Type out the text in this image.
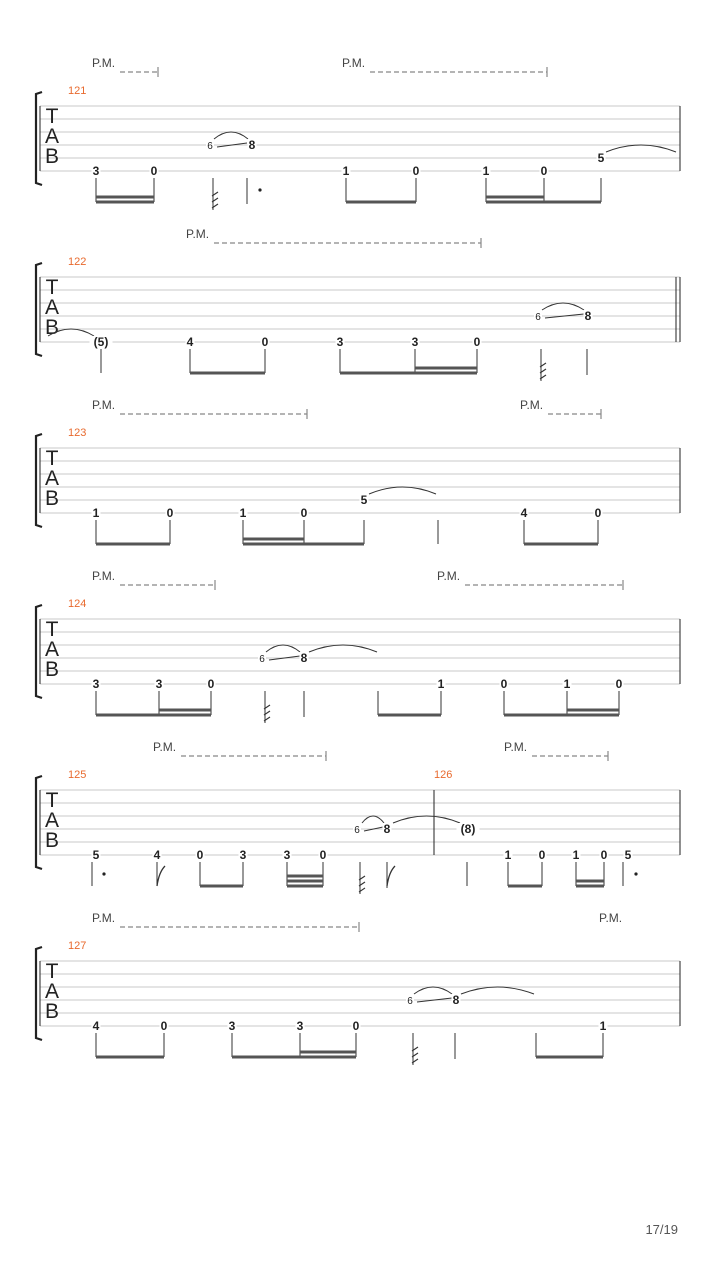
T
A
B
121
P.M.	P.M.
3	0
6	8
1	0	1	0
5
T
A
B
122
P.M.
(5)	4	0	3	3	0
6	8
T
A
B
123
P.M.	P.M.
1	0	1	0
5
4	0
T
A
B
124
P.M.	P.M.
3	3	0
6	8
1	0	1	0
T
A
B
125	126
P.M.	P.M.
5	4	0	3	3 0
6 8	(8)
1 0 1 0 5
T
A
B
127
P.M.	P.M.
4	0	3	3	0
6	8
1
17/19
